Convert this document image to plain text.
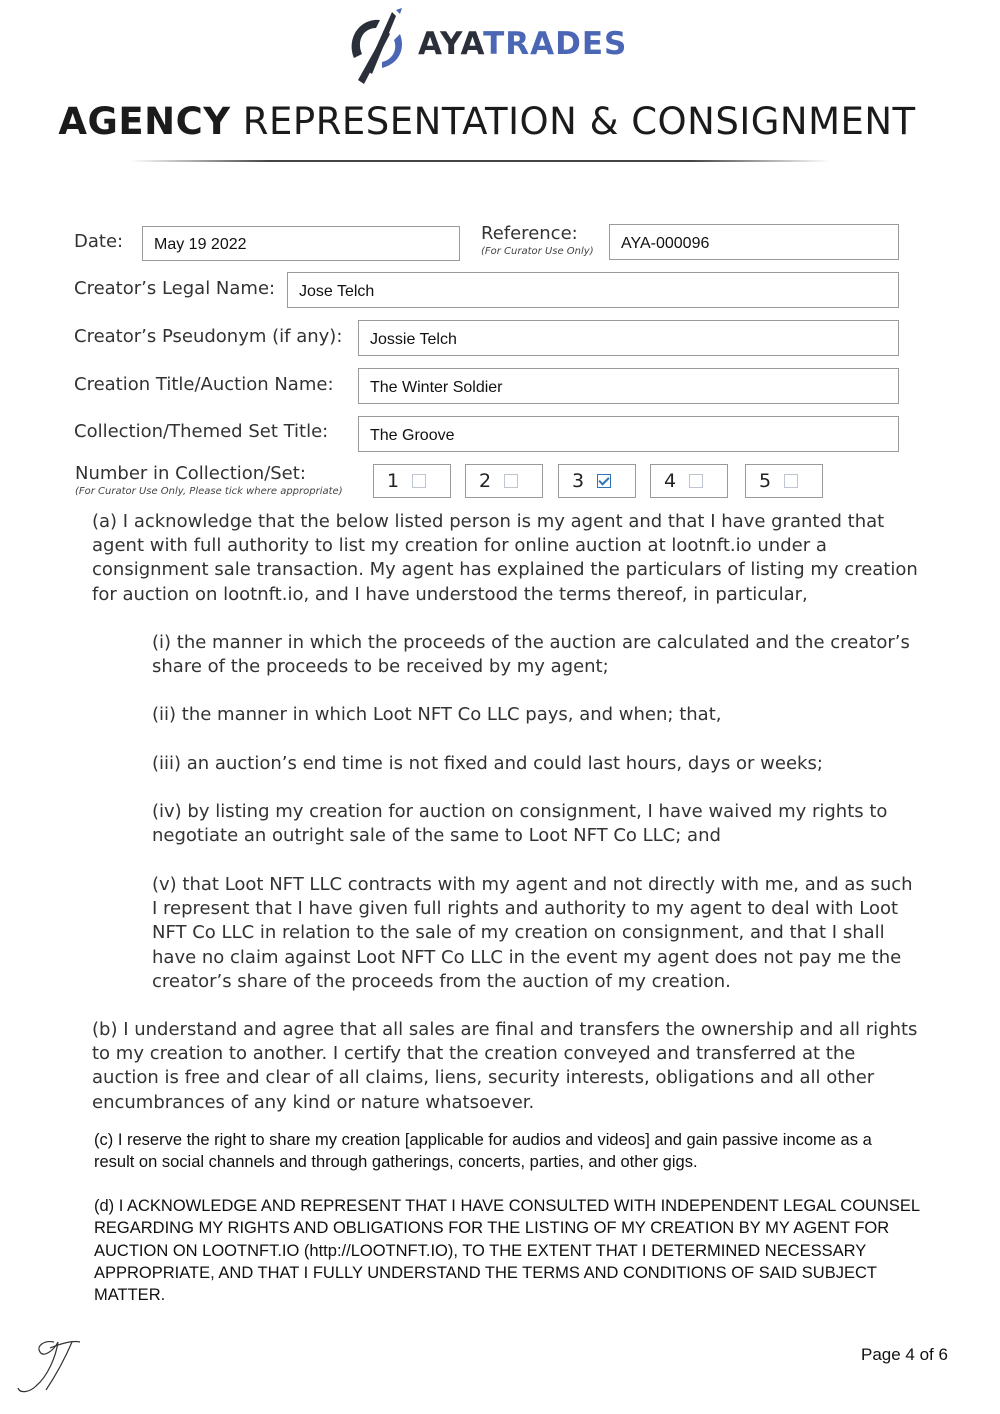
AYATRADES
AGENCY REPRESENTATION & CONSIGNMENT
Date:	May 19 2022
Reference:
(For Curator Use Only)	AYA-000096
Creator’s Legal Name:	Jose Telch
Creator’s Pseudonym (if any):	Jossie Telch
Creation Title/Auction Name:	The Winter Soldier
Collection/Themed Set Title:	The Groove
Number in Collection/Set:
(For Curator Use Only, Please tick where appropriate)	1	2	3	4	5
(a) I acknowledge that the below listed person is my agent and that I have granted that agent with full authority to list my creation for online auction at lootnft.io under a consignment sale transaction. My agent has explained the particulars of listing my creation for auction on lootnft.io, and I have understood the terms thereof, in particular,
(i) the manner in which the proceeds of the auction are calculated and the creator’s share of the proceeds to be received by my agent;
(ii) the manner in which Loot NFT Co LLC pays, and when; that,
(iii) an auction’s end time is not fixed and could last hours, days or weeks;
(iv) by listing my creation for auction on consignment, I have waived my rights to negotiate an outright sale of the same to Loot NFT Co LLC; and
(v) that Loot NFT LLC contracts with my agent and not directly with me, and as such I represent that I have given full rights and authority to my agent to deal with Loot NFT Co LLC in relation to the sale of my creation on consignment, and that I shall have no claim against Loot NFT Co LLC in the event my agent does not pay me the creator’s share of the proceeds from the auction of my creation.
(b) I understand and agree that all sales are final and transfers the ownership and all rights to my creation to another. I certify that the creation conveyed and transferred at the auction is free and clear of all claims, liens, security interests, obligations and all other encumbrances of any kind or nature whatsoever.
(c) I reserve the right to share my creation [applicable for audios and videos] and gain passive income as a result on social channels and through gatherings, concerts, parties, and other gigs.
(d) I ACKNOWLEDGE AND REPRESENT THAT I HAVE CONSULTED WITH INDEPENDENT LEGAL COUNSEL REGARDING MY RIGHTS AND OBLIGATIONS FOR THE LISTING OF MY CREATION BY MY AGENT FOR AUCTION ON LOOTNFT.IO (http://LOOTNFT.IO), TO THE EXTENT THAT I DETERMINED NECESSARY APPROPRIATE, AND THAT I FULLY UNDERSTAND THE TERMS AND CONDITIONS OF SAID SUBJECT MATTER.
Page 4 of 6
